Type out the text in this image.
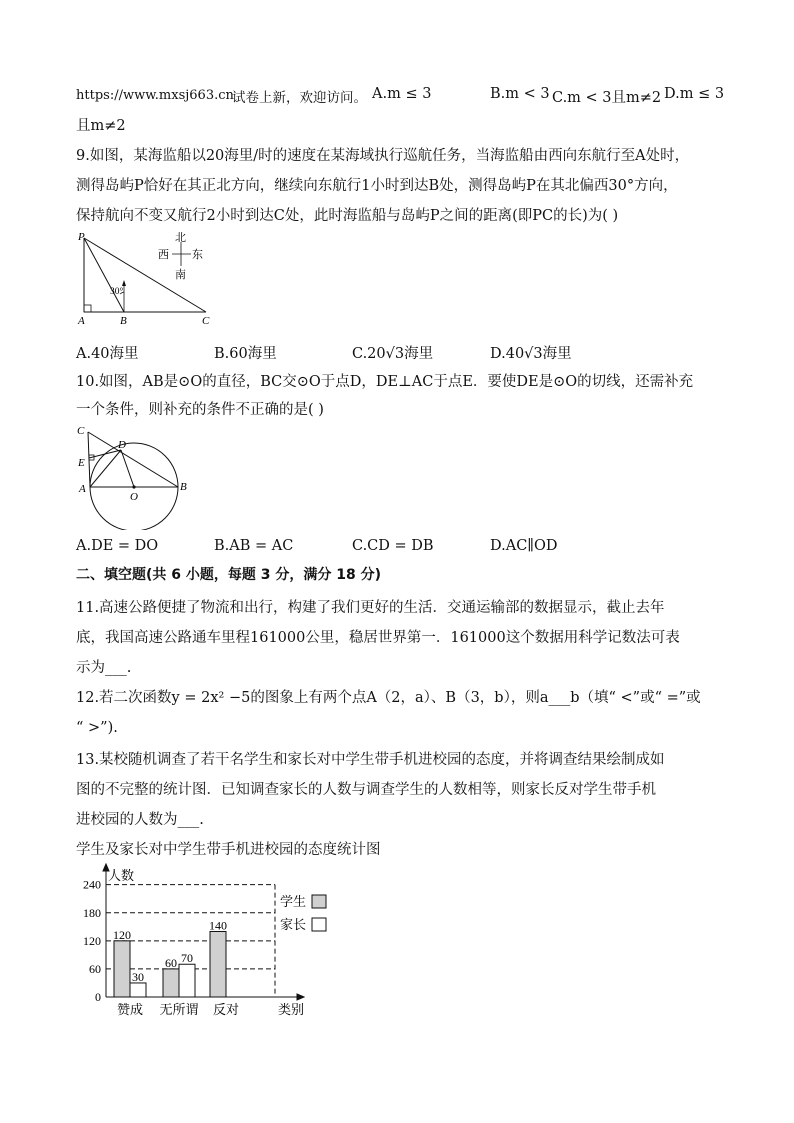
https://www.mxsj663.cn
试卷上新，欢迎访问。 A.m ≤ 3	B.m < 3 C.m < 3且m≠2 D.m ≤ 3
且m≠2
9.如图，某海监船以20海里/时的速度在某海域执行巡航任务，当海监船由西向东航行至A处时，
测得岛屿P恰好在其正北方向，继续向东航行1小时到达B处，测得岛屿P在其北偏西30°方向，
保持航向不变又航行2小时到达C处，此时海监船与岛屿P之间的距离(即PC的长)为( )
P
A	B	C
30°
北
南
西 东
A.40海里	B.60海里	C.20√3海里	D.40√3海里
10.如图，AB是⊙O的直径，BC交⊙O于点D，DE⊥AC于点E．要使DE是⊙O的切线，还需补充
一个条件，则补充的条件不正确的是( )
C
D
E
A
O
B
A.DE = DO	B.AB = AC	C.CD = DB	D.AC∥OD
二、填空题(共 6 小题，每题 3 分，满分 18 分)
11.高速公路便捷了物流和出行，构建了我们更好的生活．交通运输部的数据显示，截止去年
底，我国高速公路通车里程161000公里，稳居世界第一．161000这个数据用科学记数法可表
示为___.
12.若二次函数y = 2x² −5的图象上有两个点A（2，a）、B（3，b），则a___b（填“ <”或“ =”或
“ >”).
13.某校随机调查了若干名学生和家长对中学生带手机进校园的态度，并将调查结果绘制成如
图的不完整的统计图．已知调查家长的人数与调查学生的人数相等，则家长反对学生带手机
进校园的人数为___.
学生及家长对中学生带手机进校园的态度统计图
0
60
120
180
240
120
30
赞成
60 70
无所谓
140
反对
人数
类别
学生
家长
